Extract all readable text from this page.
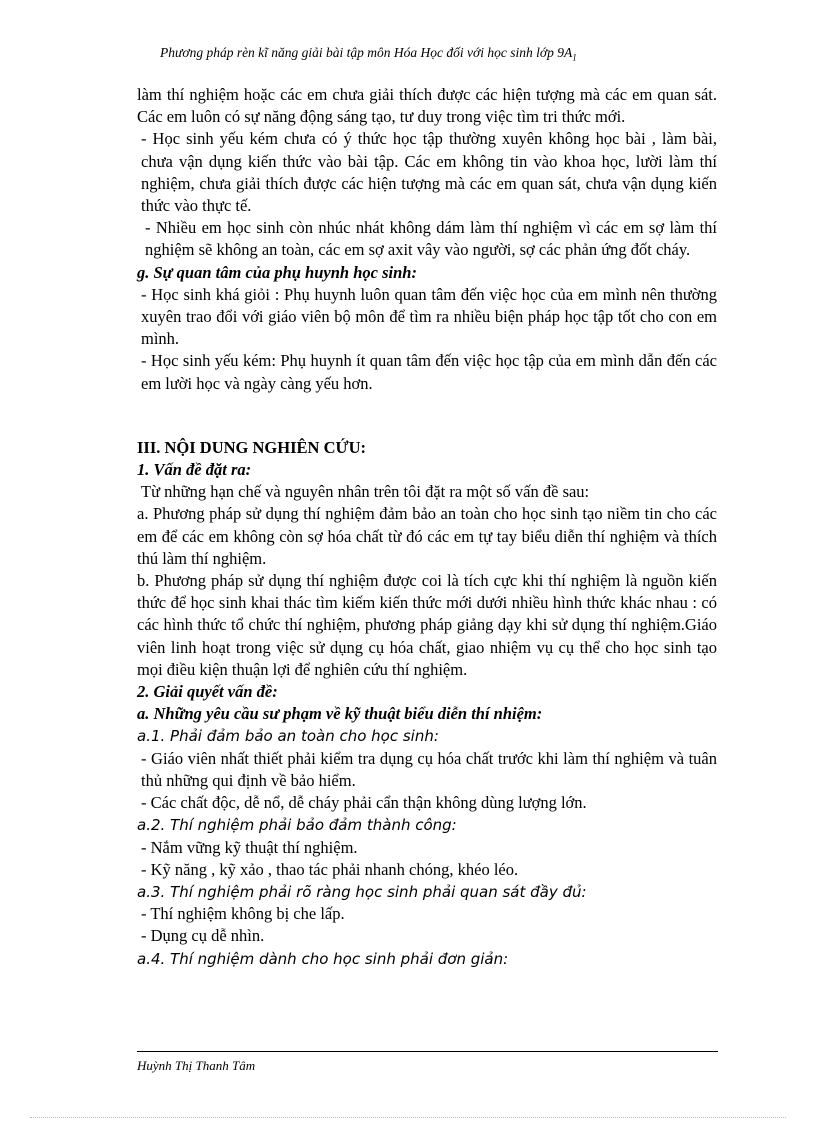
Phương pháp rèn kĩ năng giải bài tập môn Hóa Học đối với học sinh lớp $9A_1$

làm thí nghiệm hoặc các em chưa giải thích được các hiện tượng mà các em quan sát. Các em luôn có sự năng động sáng tạo, tư duy trong việc tìm tri thức mới.

- Học sinh yếu kém chưa có ý thức học tập thường xuyên không học bài , làm bài, chưa vận dụng kiến thức vào bài tập. Các em không tin vào khoa học, lười làm thí nghiệm, chưa giải thích được các hiện tượng mà các em quan sát, chưa vận dụng kiến thức vào thực tế.

- Nhiều em học sinh còn nhúc nhát không dám làm thí nghiệm vì các em sợ làm thí nghiệm sẽ không an toàn, các em sợ axit vây vào người, sợ các phản ứng đốt cháy.

g. Sự quan tâm của phụ huynh học sinh:

- Học sinh khá giỏi : Phụ huynh luôn quan tâm đến việc học của em mình nên thường xuyên trao đổi với giáo viên bộ môn để tìm ra nhiều biện pháp học tập tốt cho con em mình.

- Học sinh yếu kém: Phụ huynh ít quan tâm đến việc học tập của em mình dẫn đến các em lười học và ngày càng yếu hơn.

III. NỘI DUNG NGHIÊN CỨU:

1. Vấn đề đặt ra:

Từ những hạn chế và nguyên nhân trên tôi đặt ra một số vấn đề sau:

a. Phương pháp sử dụng thí nghiệm đảm bảo an toàn cho học sinh tạo niềm tin cho các em để các em không còn sợ hóa chất từ đó các em tự tay biểu diễn thí nghiệm và thích thú làm thí nghiệm.

b. Phương pháp sử dụng thí nghiệm được coi là tích cực khi thí nghiệm là nguồn kiến thức để học sinh khai thác tìm kiếm kiến thức mới dưới nhiều hình thức khác nhau : có các hình thức tổ chức thí nghiệm, phương pháp giảng dạy khi sử dụng thí nghiệm.Giáo viên linh hoạt trong việc sử dụng cụ hóa chất, giao nhiệm vụ cụ thể cho học sinh tạo mọi điều kiện thuận lợi để nghiên cứu thí nghiệm.

2. Giải quyết vấn đề:

a. Những yêu cầu sư phạm về kỹ thuật biểu diễn thí nhiệm:

a.1. Phải đảm bảo an toàn cho học sinh:

- Giáo viên nhất thiết phải kiểm tra dụng cụ hóa chất trước khi làm thí nghiệm và tuân thủ những qui định về bảo hiểm.

- Các chất độc, dễ nổ, dễ cháy phải cẩn thận không dùng lượng lớn.

a.2. Thí nghiệm phải bảo đảm thành công:

- Nắm vững kỹ thuật thí nghiệm.

- Kỹ năng , kỹ xảo , thao tác phải nhanh chóng, khéo léo.

a.3. Thí nghiệm phải rõ ràng học sinh phải quan sát đầy đủ:

- Thí nghiệm không bị che lấp.

- Dụng cụ dễ nhìn.

a.4. Thí nghiệm dành cho học sinh phải đơn giản:

Huỳnh Thị Thanh Tâm
